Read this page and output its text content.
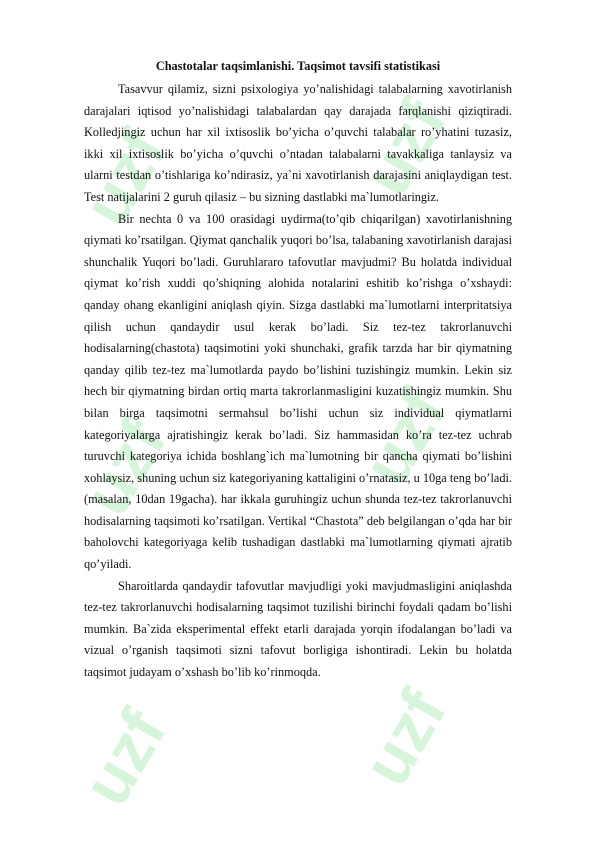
uzf
uzf
uzf
uzf
uzf
uzf
Chastotalar taqsimlanishi. Taqsimot tavsifi statistikasi

Tasavvur qilamiz, sizni psixologiya yo’nalishidagi talabalarning xavotirlanish darajalari iqtisod yo’nalishidagi talabalardan qay darajada farqlanishi qiziqtiradi. Kolledjingiz uchun har xil ixtisoslik bo’yicha o’quvchi talabalar ro’yhatini tuzasiz, ikki xil ixtisoslik bo’yicha o’quvchi o’ntadan talabalarni tavakkaliga tanlaysiz va ularni testdan o’tishlariga ko’ndirasiz, ya`ni xavotirlanish darajasini aniqlaydigan test. Test natijalarini 2 guruh qilasiz – bu sizning dastlabki ma`lumotlaringiz.

Bir nechta 0 va 100 orasidagi uydirma(to’qib chiqarilgan) xavotirlanishning qiymati ko’rsatilgan. Qiymat qanchalik yuqori bo’lsa, talabaning xavotirlanish darajasi shunchalik Yuqori bo’ladi. Guruhlararo tafovutlar mavjudmi? Bu holatda individual qiymat ko’rish xuddi qo’shiqning alohida notalarini eshitib ko’rishga o’xshaydi: qanday ohang ekanligini aniqlash qiyin. Sizga dastlabki ma`lumotlarni interpritatsiya qilish uchun qandaydir usul kerak bo’ladi. Siz tez-tez takrorlanuvchi hodisalarning(chastota) taqsimotini yoki shunchaki, grafik tarzda har bir qiymatning qanday qilib tez-tez ma`lumotlarda paydo bo’lishini tuzishingiz mumkin. Lekin siz hech bir qiymatning birdan ortiq marta takrorlanmasligini kuzatishingiz mumkin. Shu bilan birga taqsimotni sermahsul bo’lishi uchun siz individual qiymatlarni kategoriyalarga ajratishingiz kerak bo’ladi. Siz hammasidan ko’ra tez-tez uchrab turuvchi kategoriya ichida boshlang`ich ma`lumotning bir qancha qiymati bo’lishini xohlaysiz, shuning uchun siz kategoriyaning kattaligini o’rnatasiz, u 10ga teng bo’ladi. (masalan, 10dan 19gacha). har ikkala guruhingiz uchun shunda tez-tez takrorlanuvchi hodisalarning taqsimoti ko’rsatilgan. Vertikal “Chastota” deb belgilangan o’qda har bir baholovchi kategoriyaga kelib tushadigan dastlabki ma`lumotlarning qiymati ajratib qo’yiladi.

Sharoitlarda qandaydir tafovutlar mavjudligi yoki mavjudmasligini aniqlashda tez-tez takrorlanuvchi hodisalarning taqsimot tuzilishi birinchi foydali qadam bo’lishi mumkin. Ba`zida eksperimental effekt etarli darajada yorqin ifodalangan bo’ladi va vizual o’rganish taqsimoti sizni tafovut borligiga ishontiradi. Lekin bu holatda taqsimot judayam o’xshash bo’lib ko’rinmoqda.
